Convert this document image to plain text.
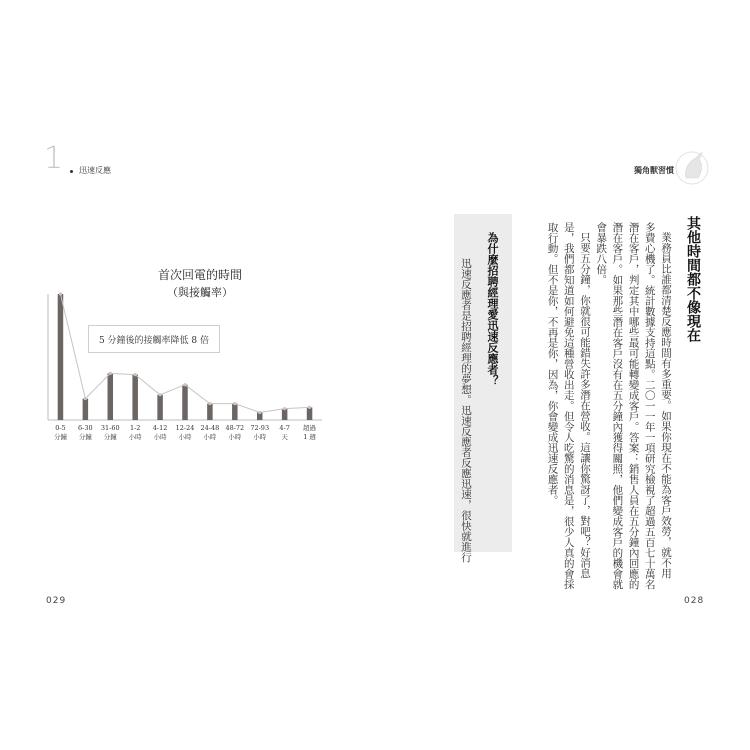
1	迅速反應	獨角獸習慣
首次回電的時間
（與接觸率）
0-5
分鐘
6-30
分鐘
31-60
分鐘
1-2
小時
4-12
小時
12-24
小時
24-48
小時
48-72
小時
72-93
小時
4-7
天
超過
1 週
5 分鐘後的接觸率降低 8 倍	其他時間都不像現在
業務員比誰都清楚反應時間有多重要。如果你現在不能為客戶效勞，就不用
多費心機了。統計數據支持這點。二〇一一年一項研究檢視了超過五百七十萬名
潛在客戶，判定其中哪些最可能轉變成客戶。答案：銷售人員在五分鐘內回應的
潛在客戶。如果那些潛在客戶沒有在五分鐘內獲得關照，他們變成客戶的機會就
會暴跌八倍。
只要五分鐘，你就很可能錯失許多潛在營收。這讓你驚訝了，對吧？好消息
是，我們都知道如何避免這種營收出走。但令人吃驚的消息是，很少人真的會採
取行動。但不是你，不再是你，因為，你會變成迅速反應者。
為什麼招聘經理愛迅速反應者？
迅速反應者是招聘經理的夢想。迅速反應者反應迅速，很快就進行
029	028
